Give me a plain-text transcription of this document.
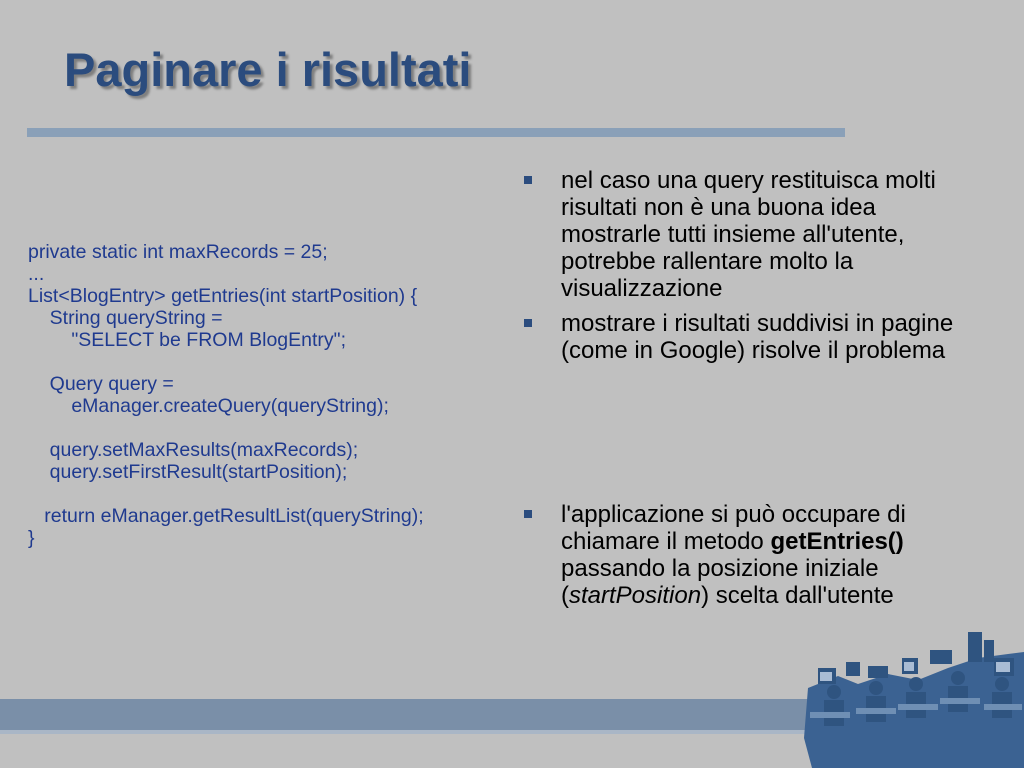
Paginare i risultati
private static int maxRecords = 25;
...
List<BlogEntry> getEntries(int startPosition) {
String queryString =
"SELECT be FROM BlogEntry";
Query query =
eManager.createQuery(queryString);
query.setMaxResults(maxRecords);
query.setFirstResult(startPosition);
return eManager.getResultList(queryString);
}
nel caso una query restituisca molti risultati non è una buona idea mostrarle tutti insieme all'utente, potrebbe rallentare molto la visualizzazione
mostrare i risultati suddivisi in pagine (come in Google) risolve il problema
l'applicazione si può occupare di chiamare il metodo getEntries() passando la posizione iniziale (startPosition) scelta dall'utente
